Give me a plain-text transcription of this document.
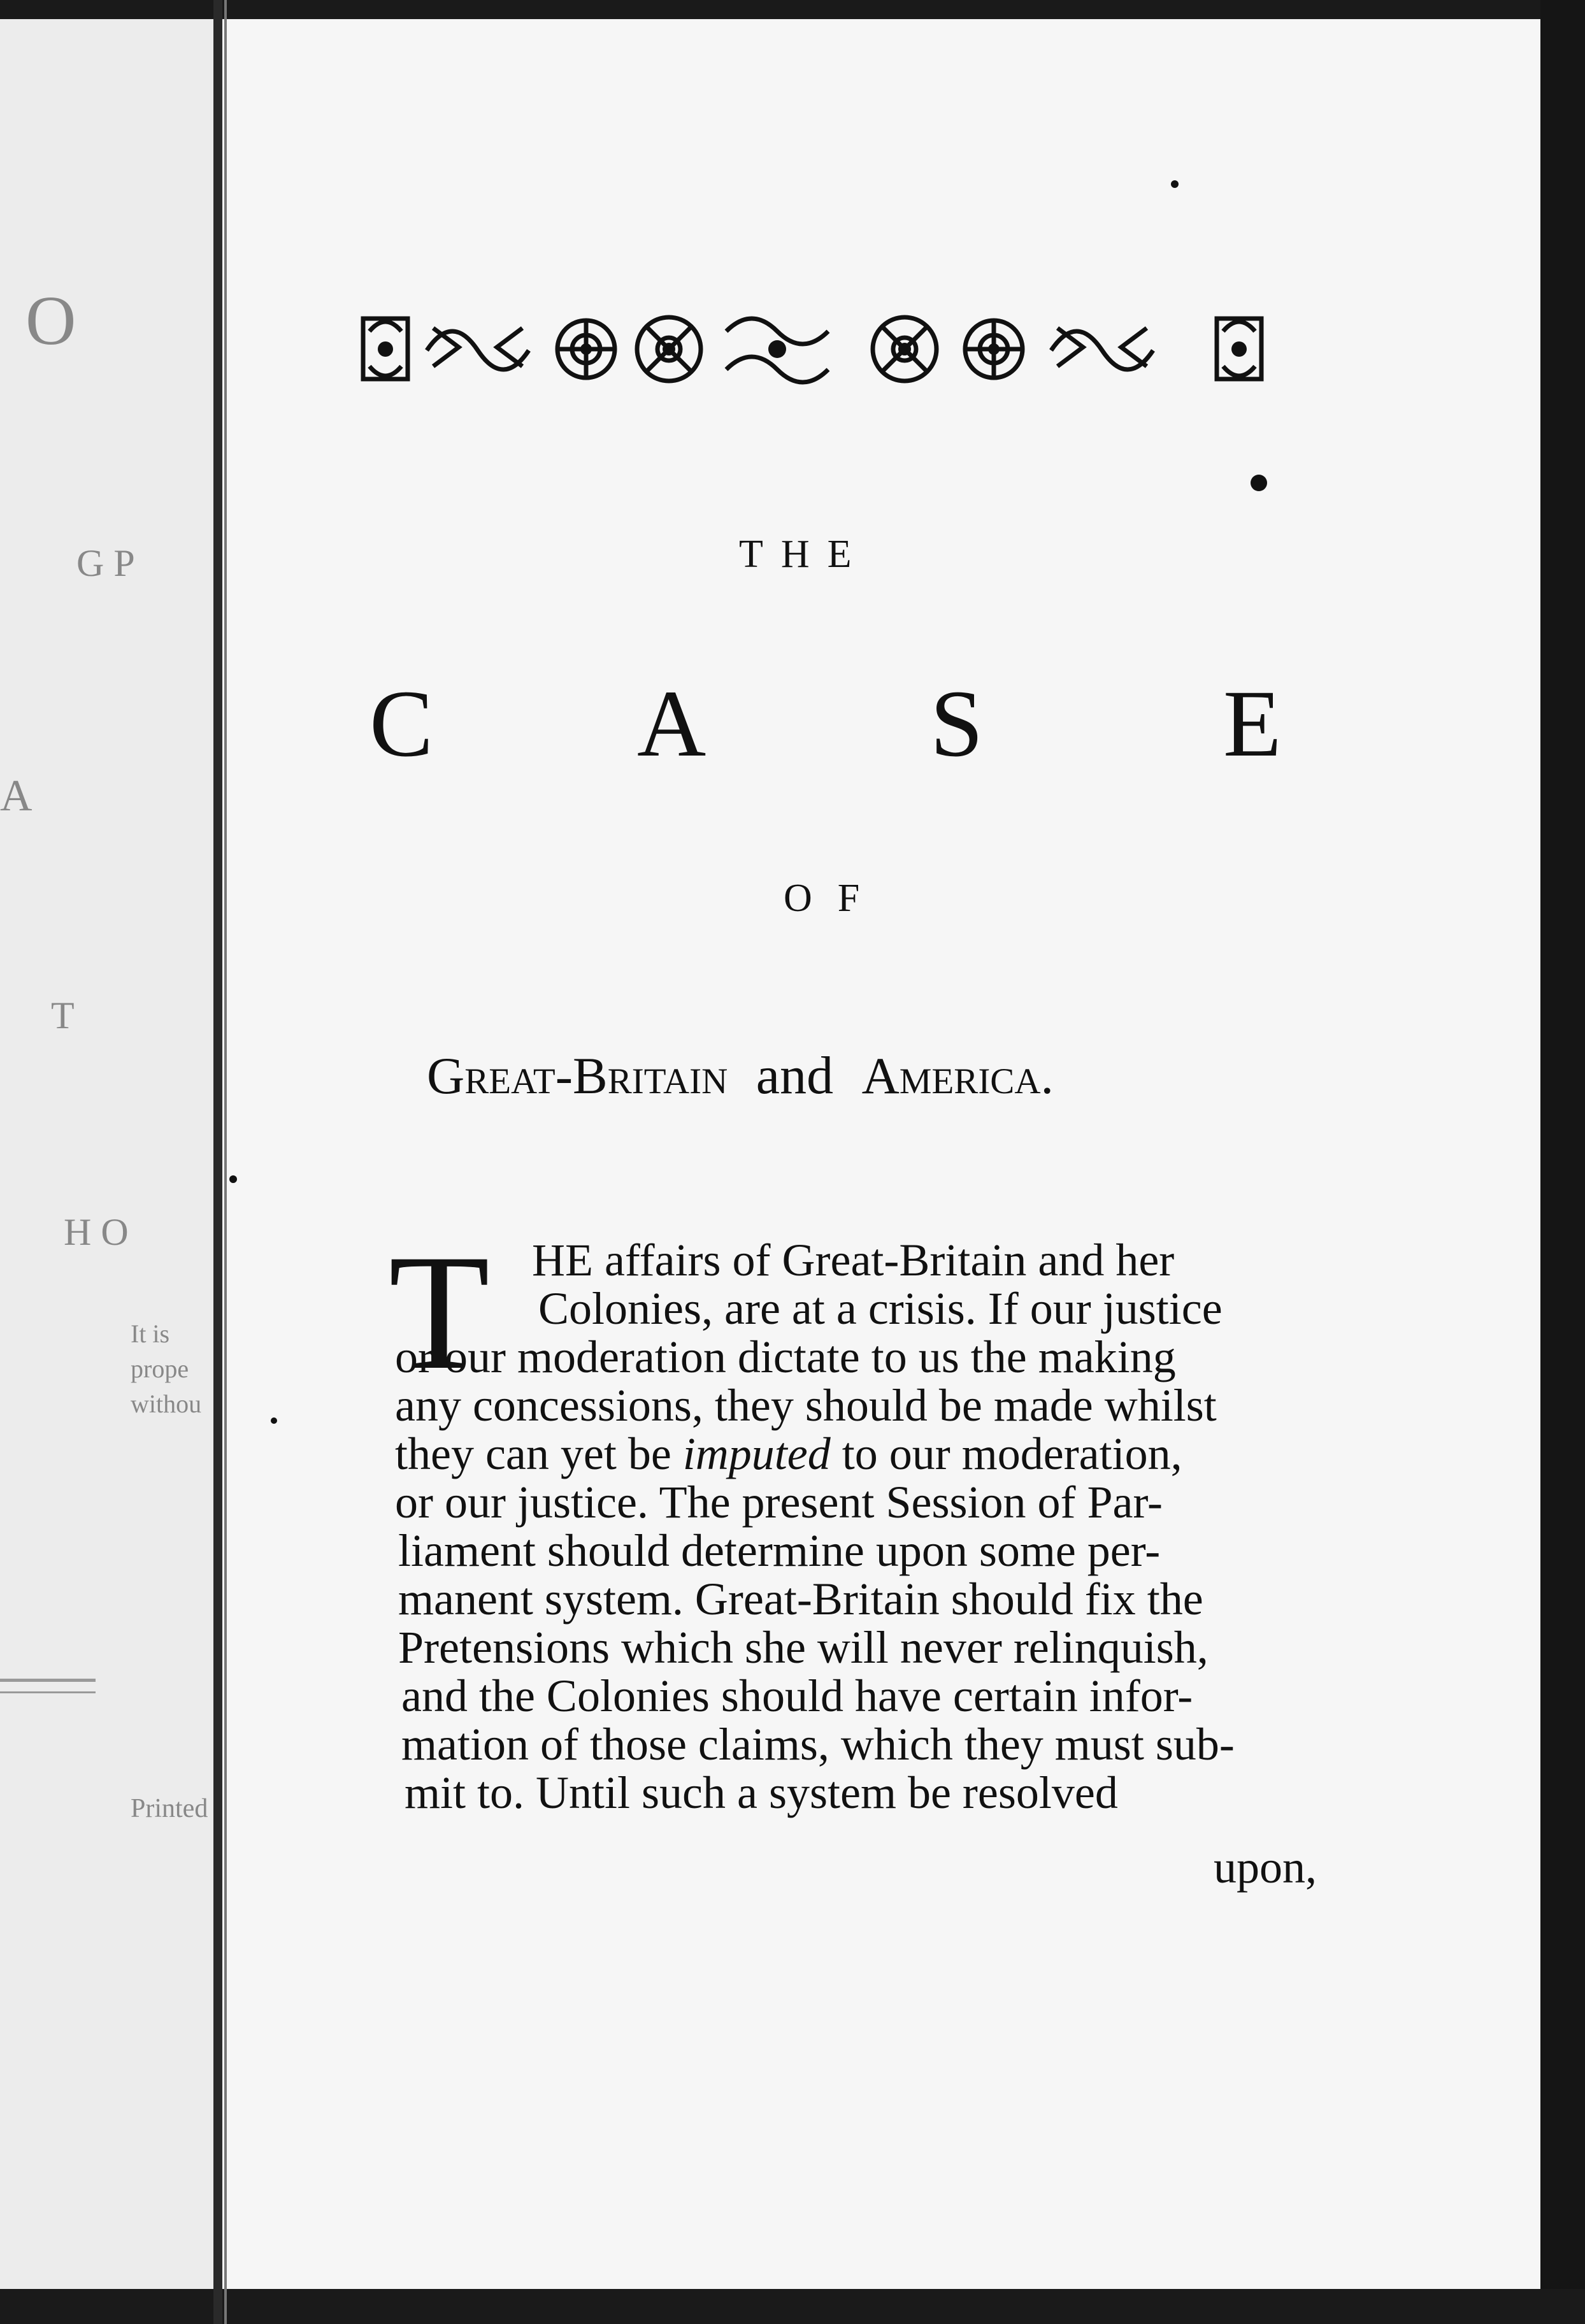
O
G P
A
T
H O
It is
prope
withou
Printed
THE
C A S	E
OF
Great-Britain and America.
T HE affairs of Great-Britain and her
Colonies, are at a crisis. If our justice
or our moderation dictate to us the making
any concessions, they should be made whilst
they can yet be imputed to our moderation,
or our justice. The present Session of Par-
liament should determine upon some per-
manent system. Great-Britain should fix the
Pretensions which she will never relinquish,
and the Colonies should have certain infor-
mation of those claims, which they must sub-
mit to. Until such a system be resolved
upon,
